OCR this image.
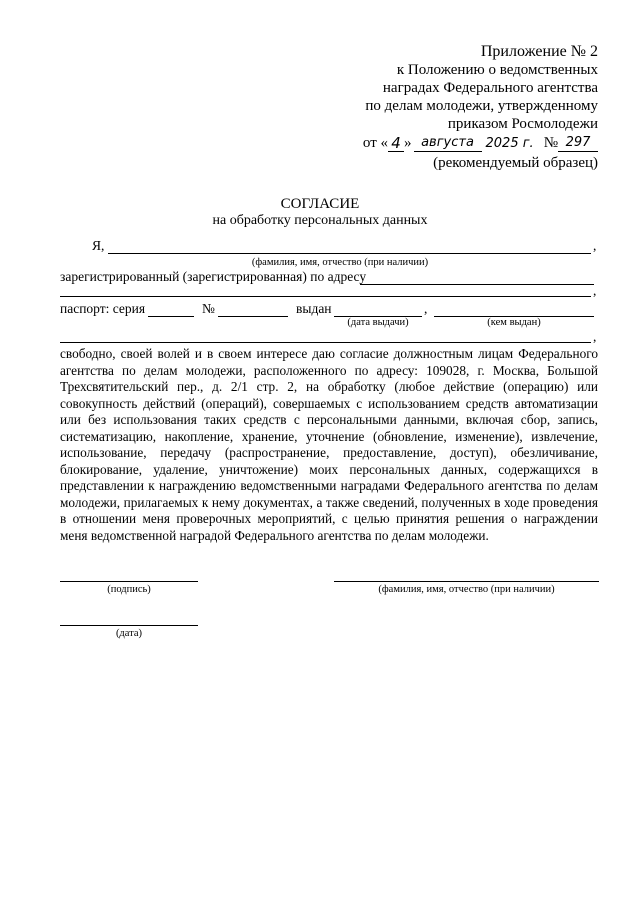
Приложение № 2
к Положению о ведомственных
наградах Федерального агентства
по делам молодежи, утвержденному
приказом Росмолодежи
от « 4 » августа 2025 г. № 297
(рекомендуемый образец)
СОГЛАСИЕ
на обработку персональных данных
Я,	,
(фамилия, имя, отчество (при наличии)
зарегистрированный (зарегистрированная) по адресу
,
паспорт: серия	№	выдан	,
(дата выдачи)	(кем выдан)
,
свободно, своей волей и в своем интересе даю согласие должностным лицам Федерального агентства по делам молодежи, расположенного по адресу: 109028, г. Москва, Большой Трехсвятительский пер., д. 2/1 стр. 2, на обработку (любое действие (операцию) или совокупность действий (операций), совершаемых с использованием средств автоматизации или без использования таких средств с персональными данными, включая сбор, запись, систематизацию, накопление, хранение, уточнение (обновление, изменение), извлечение, использование, передачу (распространение, предоставление, доступ), обезличивание, блокирование, удаление, уничтожение) моих персональных данных, содержащихся в представлении к награждению ведомственными наградами Федерального агентства по делам молодежи, прилагаемых к нему документах, а также сведений, полученных в ходе проведения в отношении меня проверочных мероприятий, с целью принятия решения о награждении меня ведомственной наградой Федерального агентства по делам молодежи.
(подпись)	(фамилия, имя, отчество (при наличии)
(дата)
